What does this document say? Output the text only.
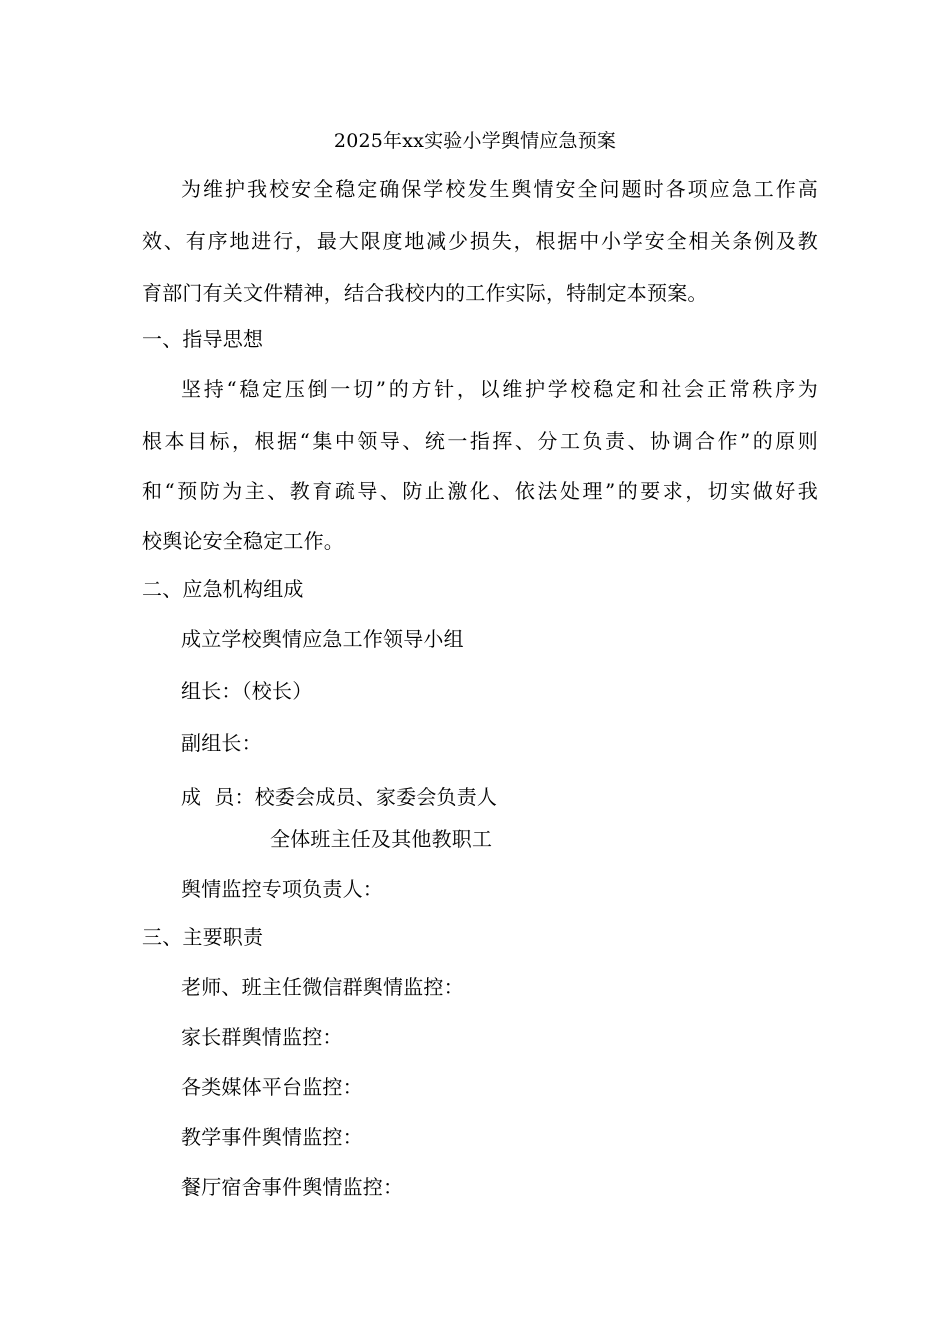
2025年xx实验小学舆情应急预案
为维护我校安全稳定确保学校发生舆情安全问题时各项应急工作高
效、有序地进行，最大限度地减少损失，根据中小学安全相关条例及教
育部门有关文件精神，结合我校内的工作实际，特制定本预案。
一、指导思想
坚持“稳定压倒一切”的方针，以维护学校稳定和社会正常秩序为
根本目标，根据“集中领导、统一指挥、分工负责、协调合作”的原则
和“预防为主、教育疏导、防止激化、依法处理”的要求，切实做好我
校舆论安全稳定工作。
二、应急机构组成
成立学校舆情应急工作领导小组
组长：（校长）
副组长：
成  员：校委会成员、家委会负责人
全体班主任及其他教职工
舆情监控专项负责人：
三、主要职责
老师、班主任微信群舆情监控：
家长群舆情监控：
各类媒体平台监控：
教学事件舆情监控：
餐厅宿舍事件舆情监控：
